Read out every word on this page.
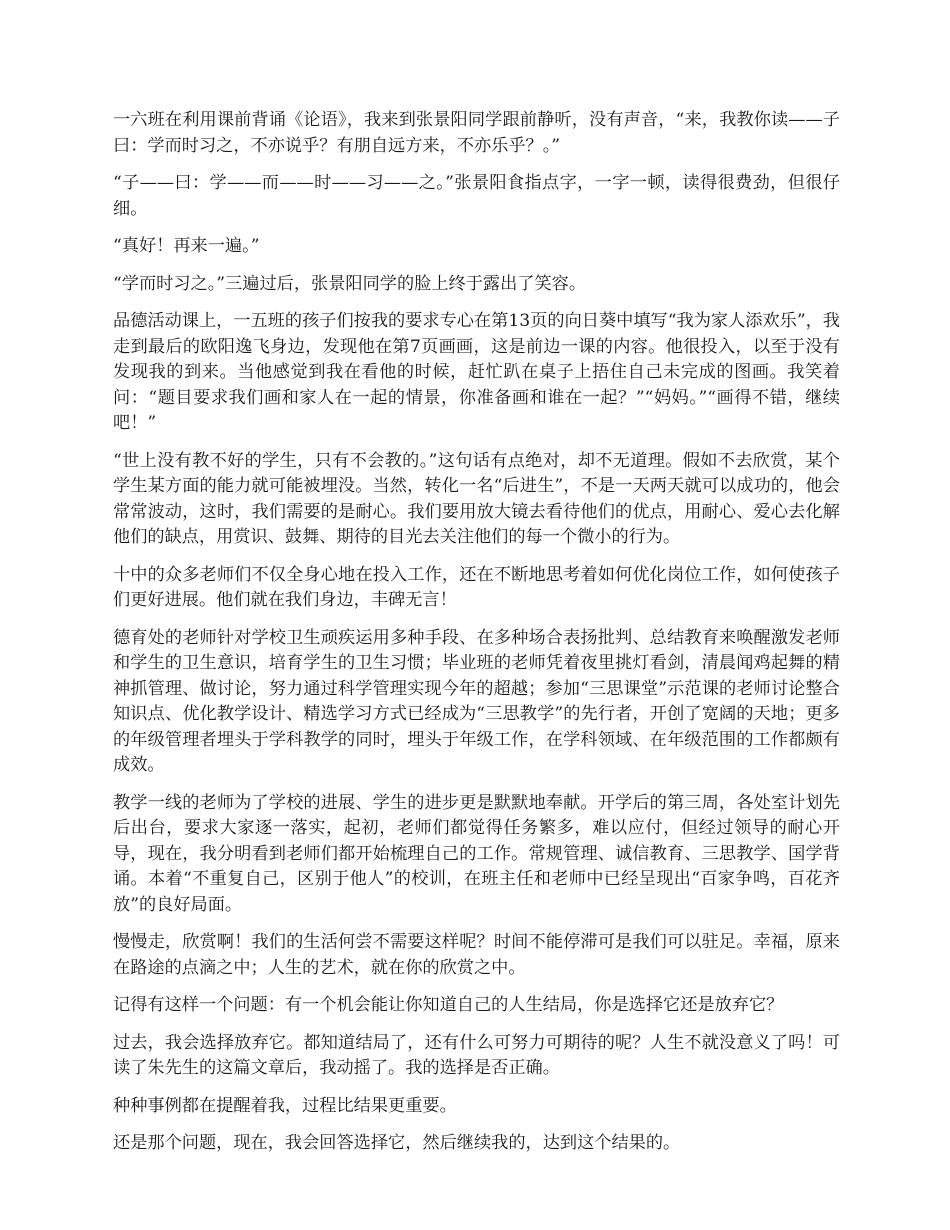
一六班在利用课前背诵《论语》，我来到张景阳同学跟前静听，没有声音，“来，我教你读——子曰：学而时习之，不亦说乎？有朋自远方来，不亦乐乎？。”

“子——曰：学——而——时——习——之。”张景阳食指点字，一字一顿，读得很费劲，但很仔细。

“真好！再来一遍。”

“学而时习之。”三遍过后，张景阳同学的脸上终于露出了笑容。

品德活动课上，一五班的孩子们按我的要求专心在第13页的向日葵中填写“我为家人添欢乐”，我走到最后的欧阳逸飞身边，发现他在第7页画画，这是前边一课的内容。他很投入，以至于没有发现我的到来。当他感觉到我在看他的时候，赶忙趴在桌子上捂住自己未完成的图画。我笑着问：“题目要求我们画和家人在一起的情景，你准备画和谁在一起？”“妈妈。”“画得不错，继续吧！”

“世上没有教不好的学生，只有不会教的。”这句话有点绝对，却不无道理。假如不去欣赏，某个学生某方面的能力就可能被埋没。当然，转化一名“后进生”，不是一天两天就可以成功的，他会常常波动，这时，我们需要的是耐心。我们要用放大镜去看待他们的优点，用耐心、爱心去化解他们的缺点，用赏识、鼓舞、期待的目光去关注他们的每一个微小的行为。

十中的众多老师们不仅全身心地在投入工作，还在不断地思考着如何优化岗位工作，如何使孩子们更好进展。他们就在我们身边，丰碑无言！

德育处的老师针对学校卫生顽疾运用多种手段、在多种场合表扬批判、总结教育来唤醒激发老师和学生的卫生意识，培育学生的卫生习惯；毕业班的老师凭着夜里挑灯看剑，清晨闻鸡起舞的精神抓管理、做讨论，努力通过科学管理实现今年的超越；参加“三思课堂”示范课的老师讨论整合知识点、优化教学设计、精选学习方式已经成为“三思教学”的先行者，开创了宽阔的天地；更多的年级管理者埋头于学科教学的同时，埋头于年级工作，在学科领域、在年级范围的工作都颇有成效。

教学一线的老师为了学校的进展、学生的进步更是默默地奉献。开学后的第三周，各处室计划先后出台，要求大家逐一落实，起初，老师们都觉得任务繁多，难以应付，但经过领导的耐心开导，现在，我分明看到老师们都开始梳理自己的工作。常规管理、诚信教育、三思教学、国学背诵。本着“不重复自己，区别于他人”的校训，在班主任和老师中已经呈现出“百家争鸣，百花齐放”的良好局面。

慢慢走，欣赏啊！我们的生活何尝不需要这样呢？时间不能停滞可是我们可以驻足。幸福，原来在路途的点滴之中；人生的艺术，就在你的欣赏之中。

记得有这样一个问题：有一个机会能让你知道自己的人生结局，你是选择它还是放弃它？

过去，我会选择放弃它。都知道结局了，还有什么可努力可期待的呢？人生不就没意义了吗！可读了朱先生的这篇文章后，我动摇了。我的选择是否正确。

种种事例都在提醒着我，过程比结果更重要。

还是那个问题，现在，我会回答选择它，然后继续我的，达到这个结果的。
